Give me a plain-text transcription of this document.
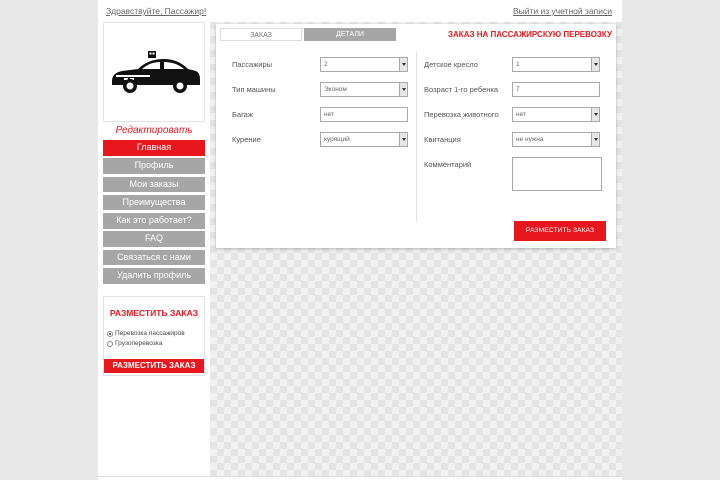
Здравствуйте, Пассажир!	Выйти из учетной записи
Редактировать
Главная
Профиль
Мои заказы
Преимущества
Как это работает?
FAQ
Связаться с нами
Удалить профиль
РАЗМЕСТИТЬ ЗАКАЗ
Перевозка пассажиров
Грузоперевозка
РАЗМЕСТИТЬ ЗАКАЗ
ЗАКАЗ	ДЕТАЛИ	ЗАКАЗ НА ПАССАЖИРСКУЮ ПЕРЕВОЗКУ
Пассажиры	2
Тип машины	Эконом
Багаж	нет
Курение	курящий
Детское кресло	1
Возраст 1-го ребенка	7
Перевозка животного	нет
Квитанция	не нужна
Комментарий
РАЗМЕСТИТЬ ЗАКАЗ
